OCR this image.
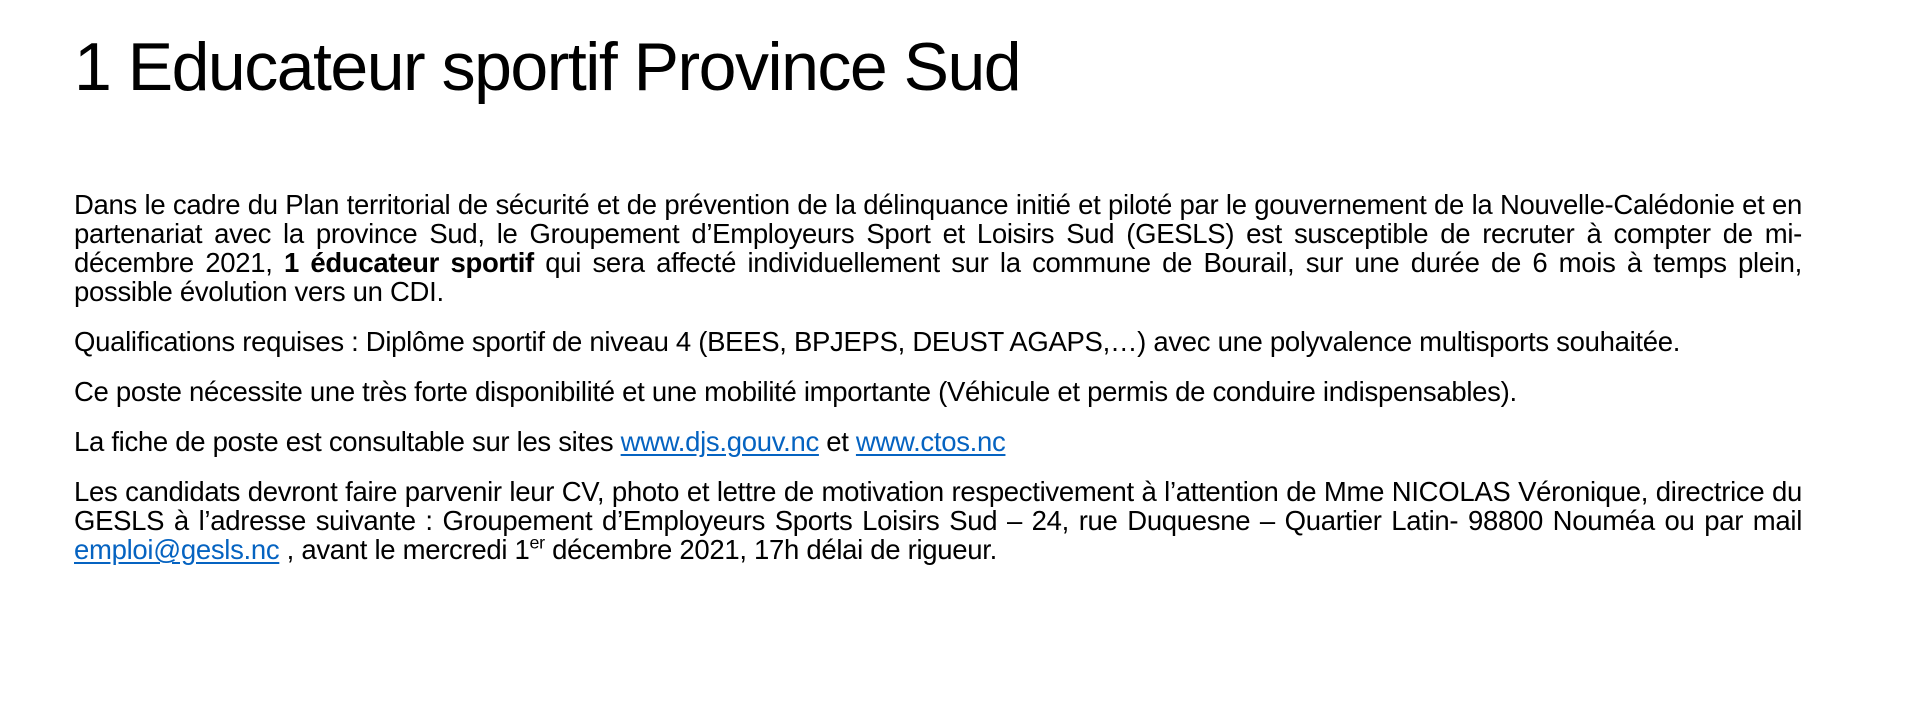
1 Educateur sportif Province Sud

Dans le cadre du Plan territorial de sécurité et de prévention de la délinquance initié et piloté par le gouvernement de la Nouvelle-Calédonie et en partenariat avec la province Sud, le Groupement d’Employeurs Sport et Loisirs Sud (GESLS) est susceptible de recruter à compter de mi-décembre 2021, 1 éducateur sportif qui sera affecté individuellement sur la commune de Bourail, sur une durée de 6 mois à temps plein, possible évolution vers un CDI.

Qualifications requises : Diplôme sportif de niveau 4 (BEES, BPJEPS, DEUST AGAPS,…) avec une polyvalence multisports souhaitée.

Ce poste nécessite une très forte disponibilité et une mobilité importante (Véhicule et permis de conduire indispensables).

La fiche de poste est consultable sur les sites www.djs.gouv.nc et www.ctos.nc

Les candidats devront faire parvenir leur CV, photo et lettre de motivation respectivement à l’attention de Mme NICOLAS Véronique, directrice du GESLS à l’adresse suivante : Groupement d’Employeurs Sports Loisirs Sud – 24, rue Duquesne – Quartier Latin- 98800 Nouméa ou par mail emploi@gesls.nc , avant le mercredi 1er décembre 2021, 17h délai de rigueur.
